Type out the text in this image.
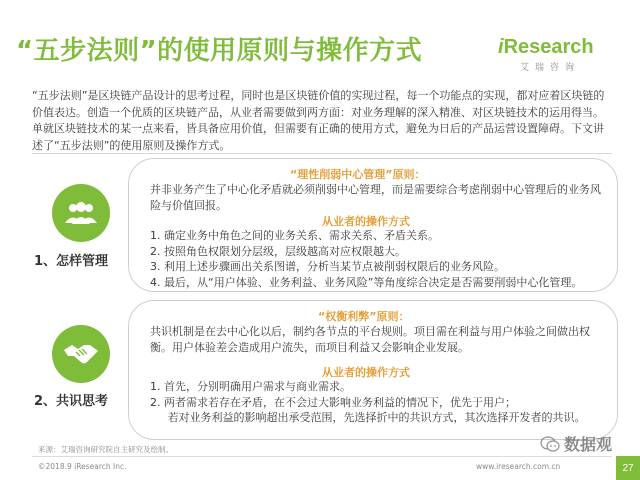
“五步法则”的使用原则与操作方式	iResearch
艾瑞咨询
“五步法则”是区块链产品设计的思考过程，同时也是区块链价值的实现过程，每一个功能点的实现，都对应着区块链的价值表达。创造一个优质的区块链产品，从业者需要做到两方面：对业务理解的深入精准、对区块链技术的运用得当。单就区块链技术的某一点来看，皆具备应用价值，但需要有正确的使用方式，避免为日后的产品运营设置障碍。下文讲述了“五步法则”的使用原则及操作方式。
1、怎样管理
“理性削弱中心管理”原则：
并非业务产生了中心化矛盾就必须削弱中心管理，而是需要综合考虑削弱中心管理后的业务风险与价值回报。
从业者的操作方式
1. 确定业务中角色之间的业务关系、需求关系、矛盾关系。
2. 按照角色权限划分层级，层级越高对应权限越大。
3. 利用上述步骤画出关系图谱，分析当某节点被削弱权限后的业务风险。
4. 最后，从“用户体验、业务利益、业务风险”等角度综合决定是否需要削弱中心化管理。
2、共识思考
“权衡利弊”原则：
共识机制是在去中心化以后，制约各节点的平台规则。项目需在利益与用户体验之间做出权衡。用户体验差会造成用户流失，而项目利益又会影响企业发展。
从业者的操作方式
1. 首先，分别明确用户需求与商业需求。
2. 两者需求若存在矛盾，在不会过大影响业务利益的情况下，优先于用户；
若对业务利益的影响超出承受范围，先选择折中的共识方式，其次选择开发者的共识。
来源：艾瑞咨询研究院自主研究及绘制。
©2018.9 iResearch Inc.	www.iresearch.com.cn
数据观
27
